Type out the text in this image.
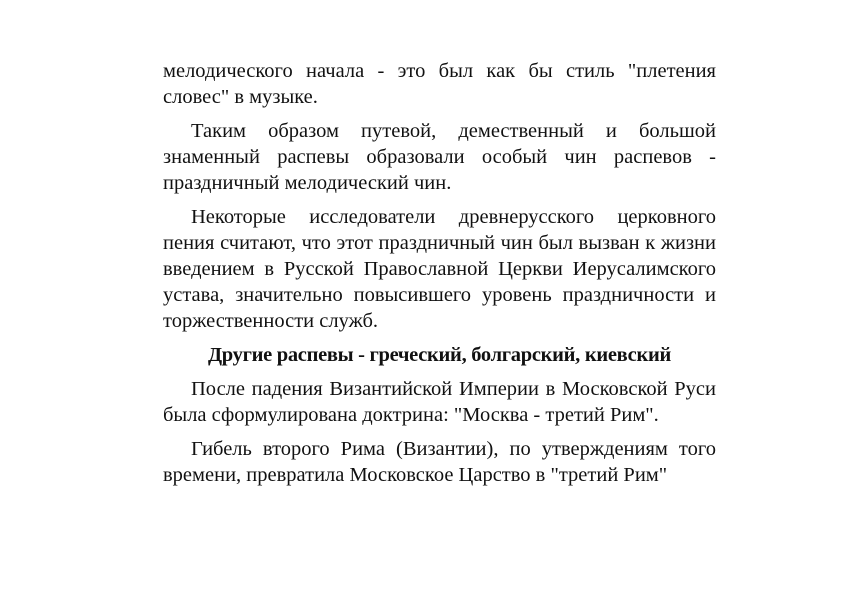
мелодического начала - это был как бы стиль "плетения словес" в музыке.

Таким образом путевой, демественный и большой знаменный распевы образовали особый чин распевов - праздничный мелодический чин.

Некоторые исследователи древнерусского церковного пения считают, что этот праздничный чин был вызван к жизни введением в Русской Православной Церкви Иерусалимского устава, значительно повысившего уровень праздничности и торжественности служб.

Другие распевы - греческий, болгарский, киевский

После падения Византийской Империи в Московской Руси была сформулирована доктрина: "Москва - третий Рим".

Гибель второго Рима (Византии), по утверждениям того времени, превратила Московское Царство в "третий Рим"
